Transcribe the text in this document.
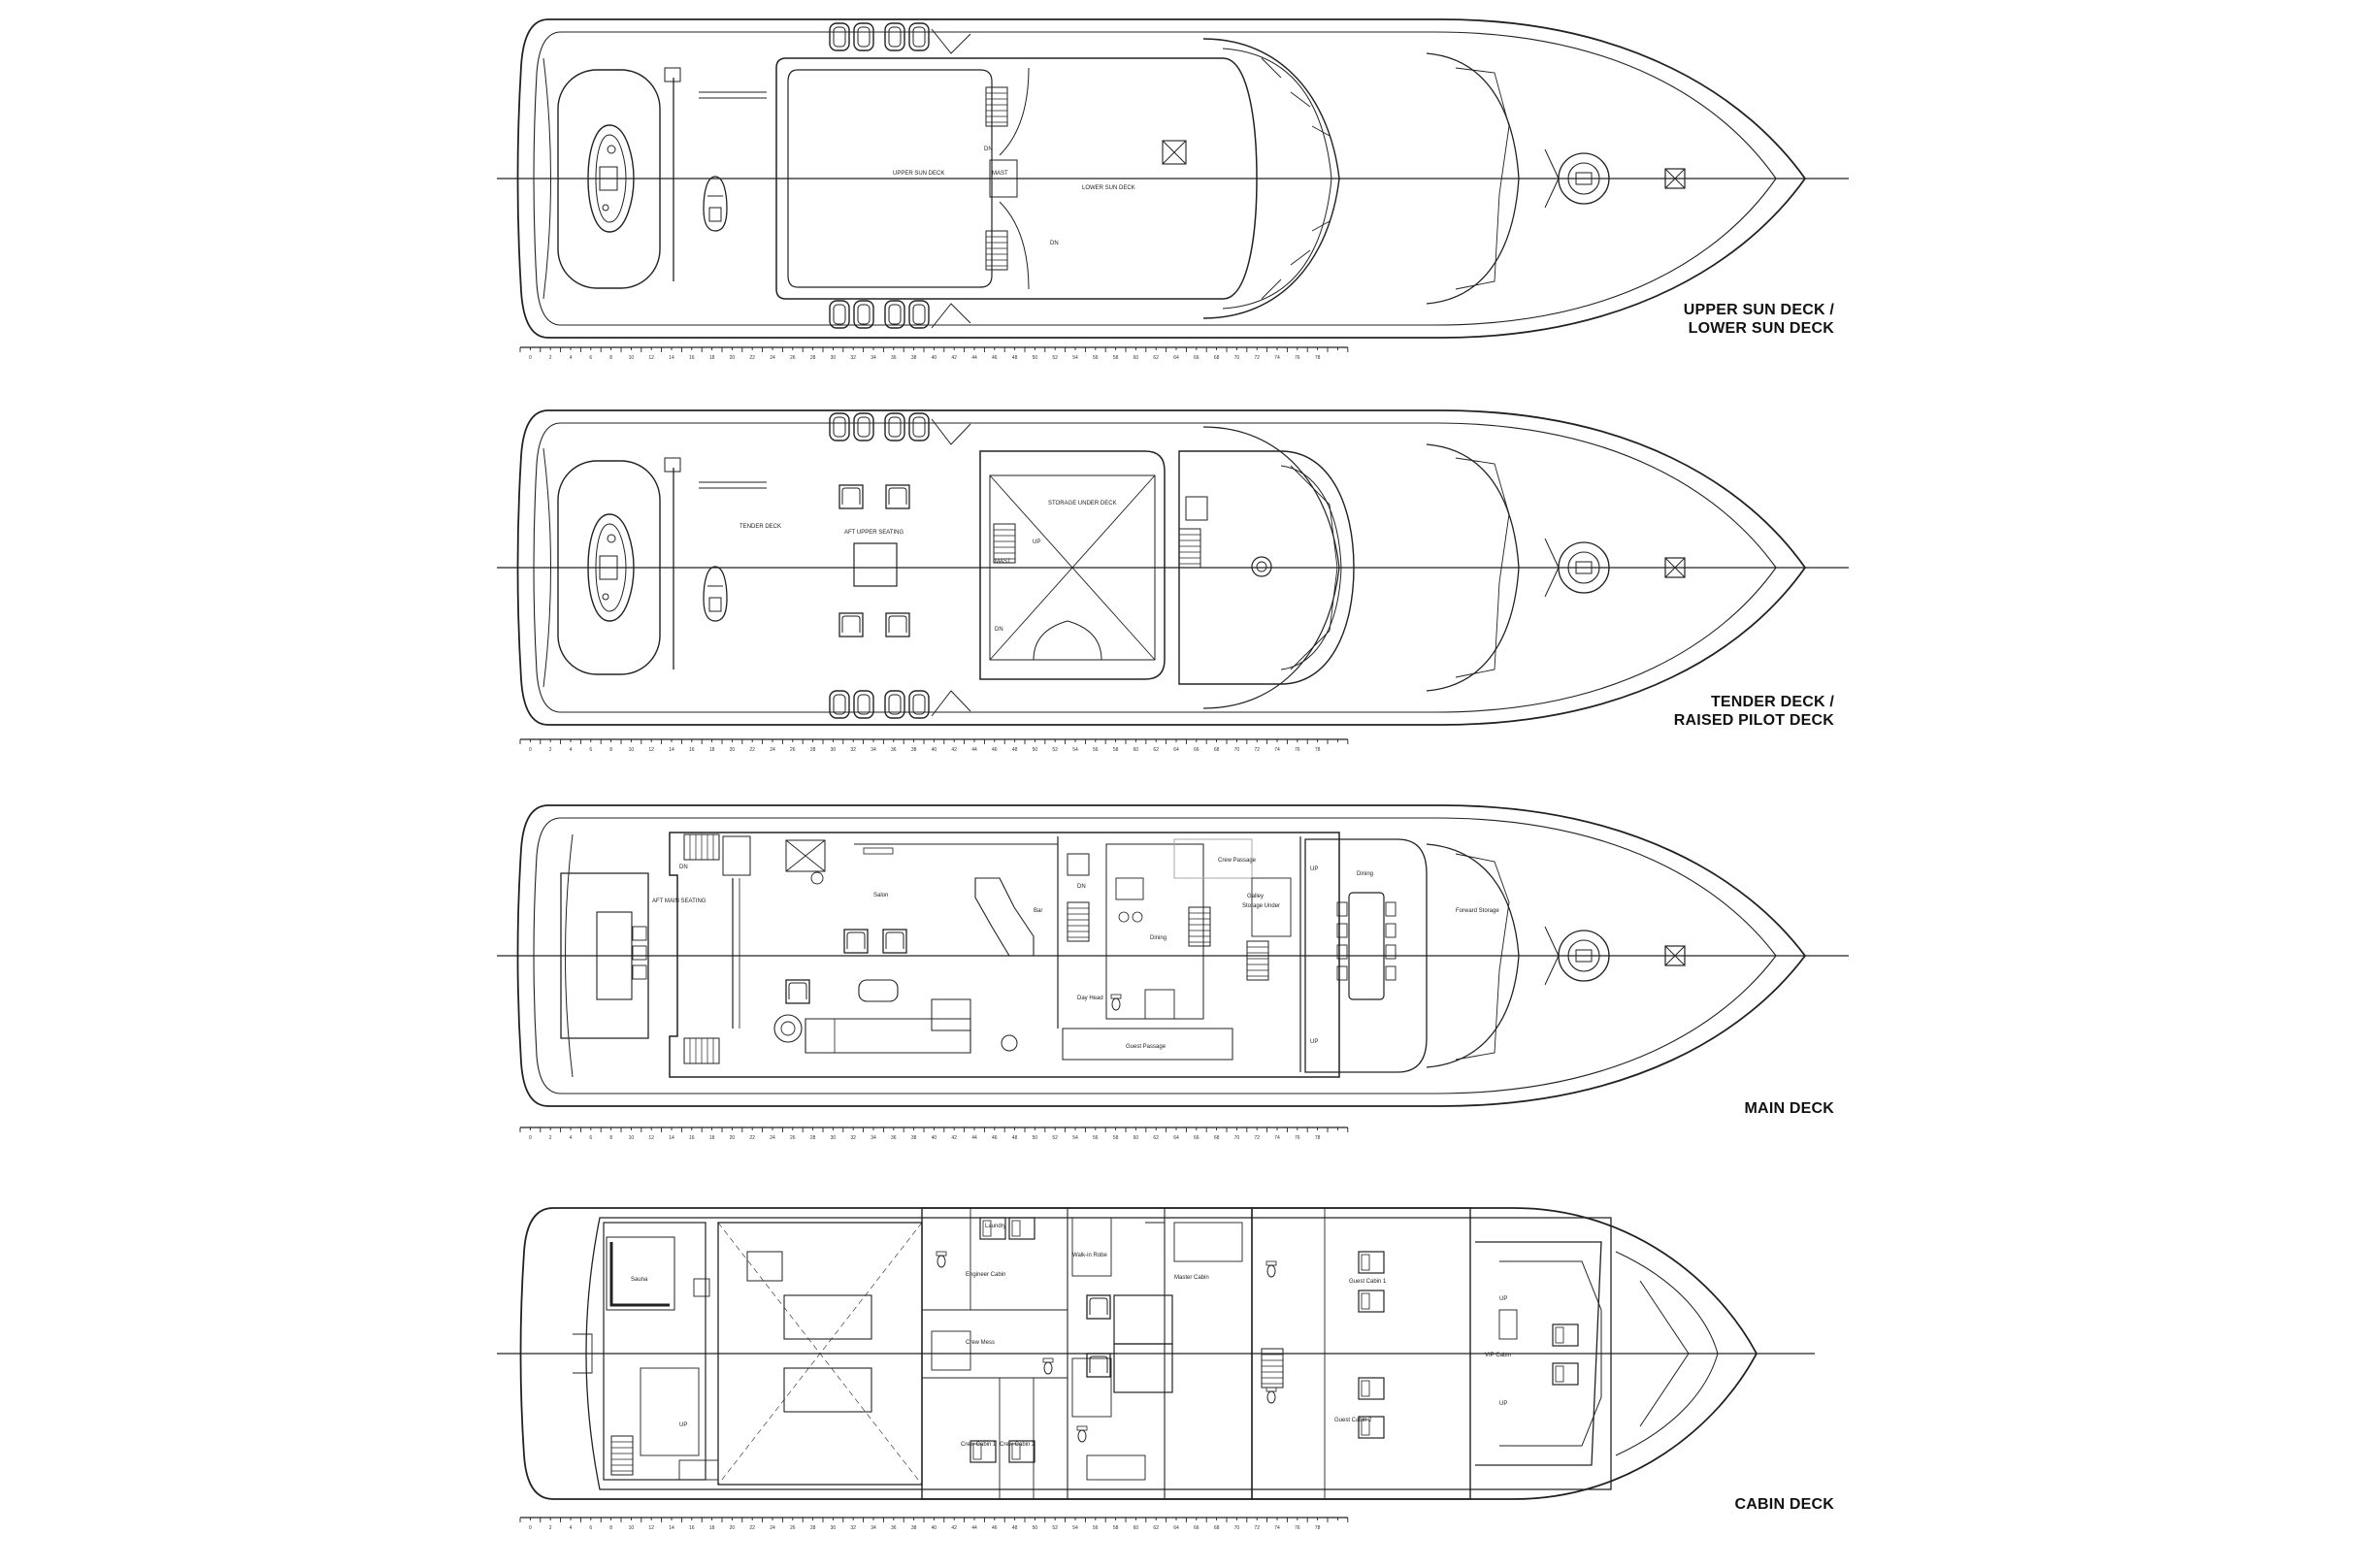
UPPER SUN DECK	MAST
LOWER SUN DECK
DN
DN
0	2	4	6	8	10	12	14	16	18	20	22	24	26	28	30	32	34	36	38	40	42	44	46	48	50	52	54	56	58	60	62	64	66	68	70	72	74	76	78
TENDER DECK
AFT UPPER SEATING
STORAGE UNDER DECK
MAST
UP
DN
0	2	4	6	8	10	12	14	16	18	20	22	24	26	28	30	32	34	36	38	40	42	44	46	48	50	52	54	56	58	60	62	64	66	68	70	72	74	76	78
AFT MAIN SEATING
Salon
Bar
Galley
Crew Passage
Dining
Day Head
Guest Passage
Storage Under
Dining
Forward Storage
DN
UP
UP
DN
0	2	4	6	8	10	12	14	16	18	20	22	24	26	28	30	32	34	36	38	40	42	44	46	48	50	52	54	56	58	60	62	64	66	68	70	72	74	76	78
Sauna
Engineer Cabin
Crew Mess
Master Cabin
Walk-in Robe
Crew Cabin 1 Crew Cabin 2
Guest Cabin 1
Guest Cabin 2
VIP Cabin
Laundry
UP
UP
UP
0	2	4	6	8	10	12	14	16	18	20	22	24	26	28	30	32	34	36	38	40	42	44	46	48	50	52	54	56	58	60	62	64	66	68	70	72	74	76	78
UPPER SUN DECK /
LOWER SUN DECK
TENDER DECK /
RAISED PILOT DECK
MAIN DECK
CABIN DECK
